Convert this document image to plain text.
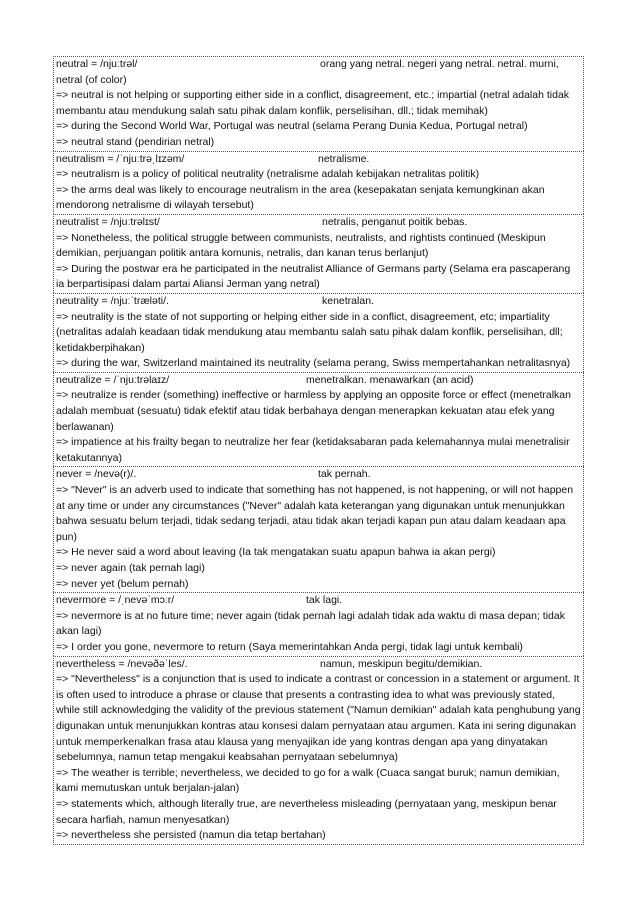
neutral = /njuːtrəl/	orang yang netral. negeri yang netral. netral. murni,

netral (of color)

=> neutral is not helping or supporting either side in a conflict, disagreement, etc.; impartial (netral adalah tidak membantu atau mendukung salah satu pihak dalam konflik, perselisihan, dll.; tidak memihak)

=> during the Second World War, Portugal was neutral (selama Perang Dunia Kedua, Portugal netral)

=> neutral stand (pendirian netral)

neutralism = /ˈnjuːtrəˌlɪzəm/	netralisme.

=> neutralism is a policy of political neutrality (netralisme adalah kebijakan netralitas politik)

=> the arms deal was likely to encourage neutralism in the area (kesepakatan senjata kemungkinan akan mendorong netralisme di wilayah tersebut)

neutralist = /njuːtrəlɪst/	netralis, penganut poitik bebas.

=> Nonetheless, the political struggle between communists, neutralists, and rightists continued (Meskipun demikian, perjuangan politik antara komunis, netralis, dan kanan terus berlanjut)

=> During the postwar era he participated in the neutralist Alliance of Germans party (Selama era pascaperang ia berpartisipasi dalam partai Aliansi Jerman yang netral)

neutrality = /njuːˈtræləti/.	kenetralan.

=> neutrality is the state of not supporting or helping either side in a conflict, disagreement, etc; impartiality (netralitas adalah keadaan tidak mendukung atau membantu salah satu pihak dalam konflik, perselisihan, dll; ketidakberpihakan)

=> during the war, Switzerland maintained its neutrality (selama perang, Swiss mempertahankan netralitasnya)

neutralize = /ˈnjuːtrəlaɪz/	menetralkan. menawarkan (an acid)

=> neutralize is render (something) ineffective or harmless by applying an opposite force or effect (menetralkan adalah membuat (sesuatu) tidak efektif atau tidak berbahaya dengan menerapkan kekuatan atau efek yang berlawanan)

=> impatience at his frailty began to neutralize her fear (ketidaksabaran pada kelemahannya mulai menetralisir ketakutannya)

never = /nevə(r)/.	tak pernah.

=> "Never" is an adverb used to indicate that something has not happened, is not happening, or will not happen at any time or under any circumstances ("Never" adalah kata keterangan yang digunakan untuk menunjukkan bahwa sesuatu belum terjadi, tidak sedang terjadi, atau tidak akan terjadi kapan pun atau dalam keadaan apa pun)

=> He never said a word about leaving (Ia tak mengatakan suatu apapun bahwa ia akan pergi)

=> never again (tak pernah lagi)

=> never yet (belum pernah)

nevermore = /ˌnevəˈmɔːr/	tak lagi.

=> nevermore is at no future time; never again (tidak pernah lagi adalah tidak ada waktu di masa depan; tidak akan lagi)

=> I order you gone, nevermore to return (Saya memerintahkan Anda pergi, tidak lagi untuk kembali)

nevertheless = /nevəðəˈles/.	namun, meskipun begitu/demikian.

=> "Nevertheless" is a conjunction that is used to indicate a contrast or concession in a statement or argument. It is often used to introduce a phrase or clause that presents a contrasting idea to what was previously stated, while still acknowledging the validity of the previous statement ("Namun demikian" adalah kata penghubung yang digunakan untuk menunjukkan kontras atau konsesi dalam pernyataan atau argumen. Kata ini sering digunakan untuk memperkenalkan frasa atau klausa yang menyajikan ide yang kontras dengan apa yang dinyatakan sebelumnya, namun tetap mengakui keabsahan pernyataan sebelumnya)

=> The weather is terrible; nevertheless, we decided to go for a walk (Cuaca sangat buruk; namun demikian, kami memutuskan untuk berjalan-jalan)

=> statements which, although literally true, are nevertheless misleading (pernyataan yang, meskipun benar secara harfiah, namun menyesatkan)

=> nevertheless she persisted (namun dia tetap bertahan)
